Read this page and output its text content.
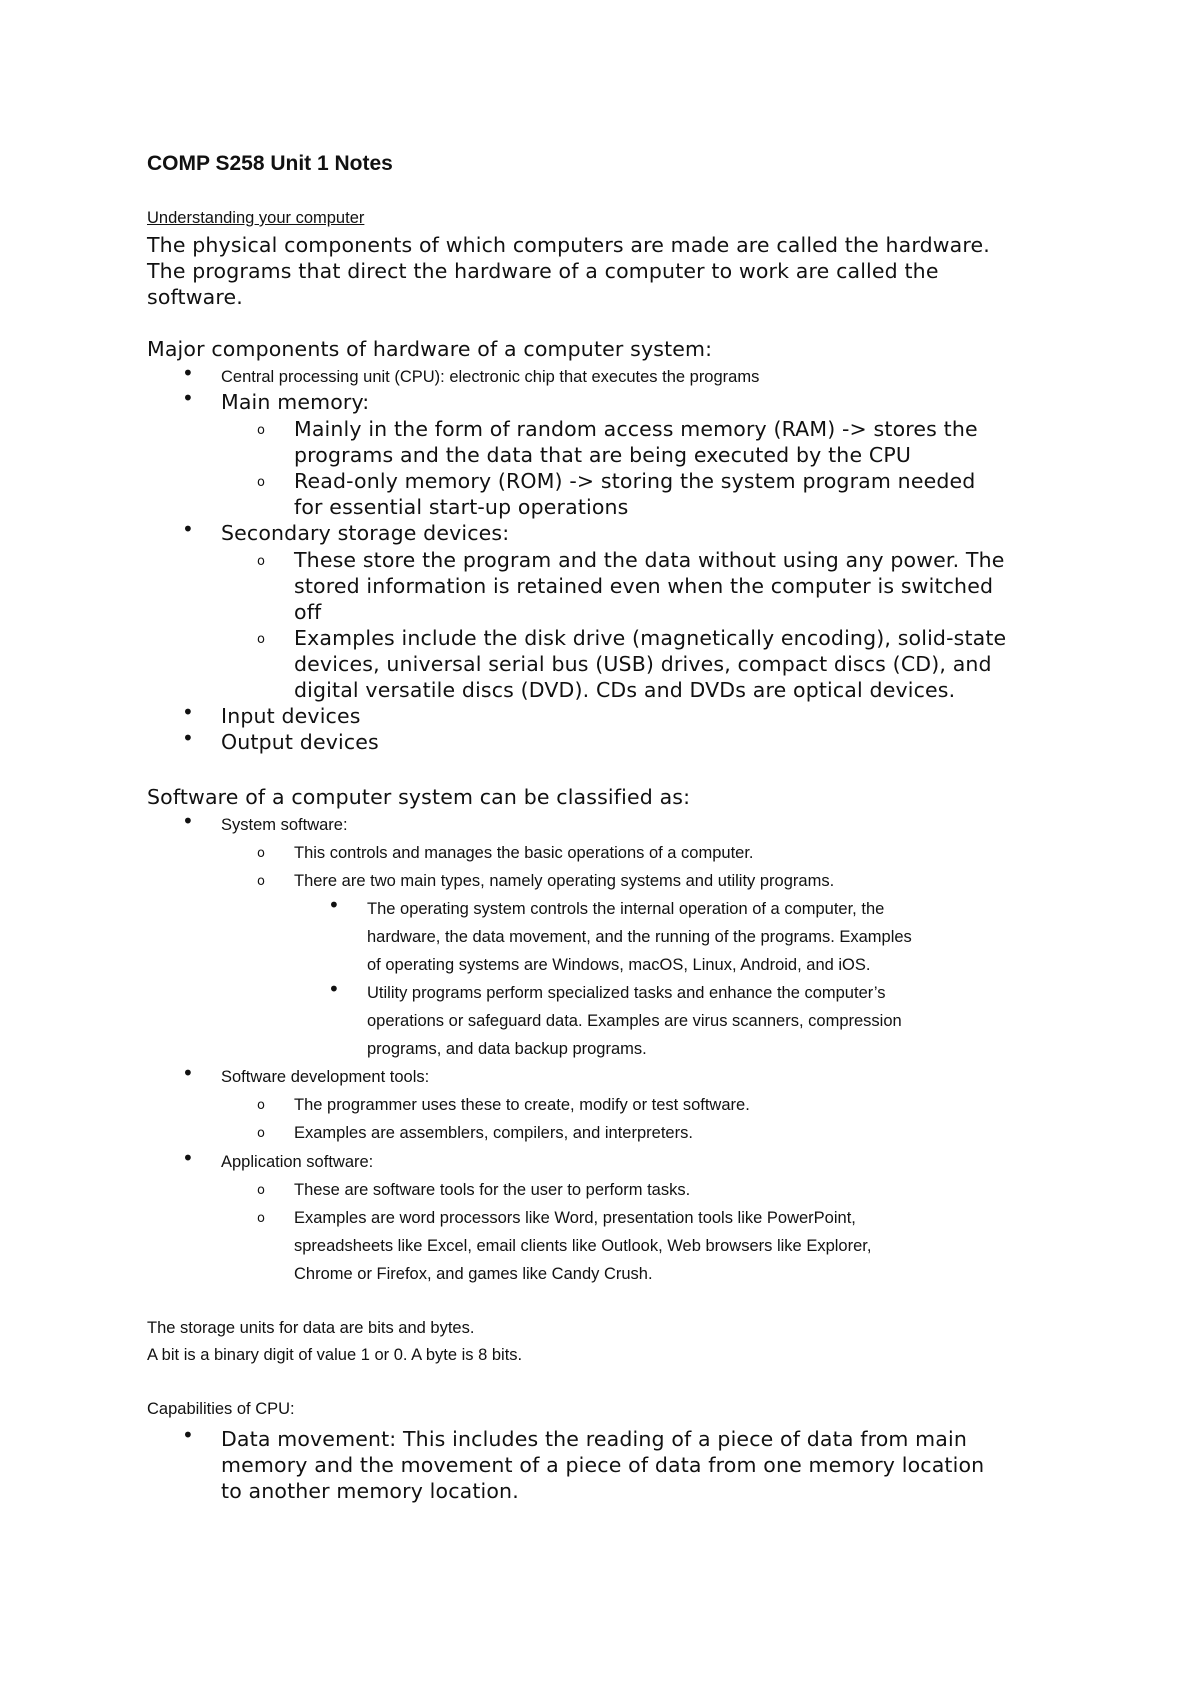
COMP S258 Unit 1 Notes
Understanding your computer
The physical components of which computers are made are called the hardware.
The programs that direct the hardware of a computer to work are called the
software.
Major components of hardware of a computer system:
• Central processing unit (CPU): electronic chip that executes the programs
• Main memory:
o Mainly in the form of random access memory (RAM) -> stores the
programs and the data that are being executed by the CPU
o Read-only memory (ROM) -> storing the system program needed
for essential start-up operations
• Secondary storage devices:
o These store the program and the data without using any power. The
stored information is retained even when the computer is switched
off
o Examples include the disk drive (magnetically encoding), solid-state
devices, universal serial bus (USB) drives, compact discs (CD), and
digital versatile discs (DVD). CDs and DVDs are optical devices.
• Input devices
• Output devices
Software of a computer system can be classified as:
• System software:
o This controls and manages the basic operations of a computer.
o There are two main types, namely operating systems and utility programs.
• The operating system controls the internal operation of a computer, the
hardware, the data movement, and the running of the programs. Examples
of operating systems are Windows, macOS, Linux, Android, and iOS.
• Utility programs perform specialized tasks and enhance the computer’s
operations or safeguard data. Examples are virus scanners, compression
programs, and data backup programs.
• Software development tools:
o The programmer uses these to create, modify or test software.
o Examples are assemblers, compilers, and interpreters.
• Application software:
o These are software tools for the user to perform tasks.
o Examples are word processors like Word, presentation tools like PowerPoint,
spreadsheets like Excel, email clients like Outlook, Web browsers like Explorer,
Chrome or Firefox, and games like Candy Crush.
The storage units for data are bits and bytes.
A bit is a binary digit of value 1 or 0. A byte is 8 bits.
Capabilities of CPU:
• Data movement: This includes the reading of a piece of data from main
memory and the movement of a piece of data from one memory location
to another memory location.
